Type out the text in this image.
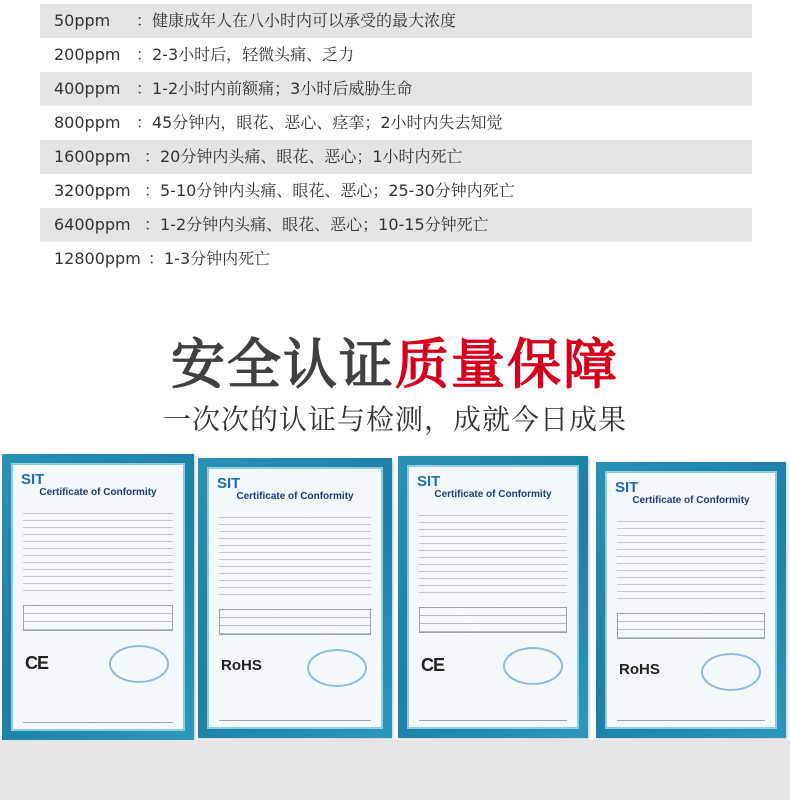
50ppm ：健康成年人在八小时内可以承受的最大浓度
200ppm ：2-3小时后，轻微头痛、乏力
400ppm ：1-2小时内前额痛；3小时后威胁生命
800ppm ：45分钟内，眼花、恶心、痉挛；2小时内失去知觉
1600ppm ：20分钟内头痛、眼花、恶心；1小时内死亡
3200ppm ：5-10分钟内头痛、眼花、恶心；25-30分钟内死亡
6400ppm ：1-2分钟内头痛、眼花、恶心；10-15分钟死亡
12800ppm ：1-3分钟内死亡
安全认证质量保障
一次次的认证与检测，成就今日成果
SIT
Certificate of Conformity
CE
SIT
Certificate of Conformity
RoHS
SIT
Certificate of Conformity
CE
SIT
Certificate of Conformity
RoHS
